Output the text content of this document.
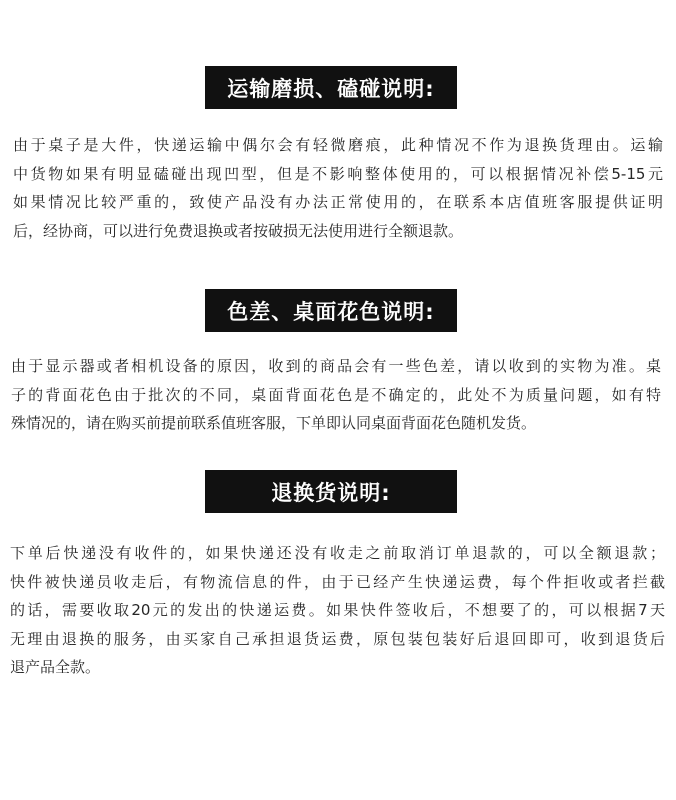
运输磨损、磕碰说明:
由于桌子是大件，快递运输中偶尔会有轻微磨痕，此种情况不作为退换货理由。运输
中货物如果有明显磕碰出现凹型，但是不影响整体使用的，可以根据情况补偿5-15元
如果情况比较严重的，致使产品没有办法正常使用的，在联系本店值班客服提供证明
后，经协商，可以进行免费退换或者按破损无法使用进行全额退款。
色差、桌面花色说明:
由于显示器或者相机设备的原因，收到的商品会有一些色差，请以收到的实物为准。桌
子的背面花色由于批次的不同，桌面背面花色是不确定的，此处不为质量问题，如有特
殊情况的，请在购买前提前联系值班客服，下单即认同桌面背面花色随机发货。
退换货说明:
下单后快递没有收件的，如果快递还没有收走之前取消订单退款的，可以全额退款；
快件被快递员收走后，有物流信息的件，由于已经产生快递运费，每个件拒收或者拦截
的话，需要收取20元的发出的快递运费。如果快件签收后，不想要了的，可以根据7天
无理由退换的服务，由买家自己承担退货运费，原包装包装好后退回即可，收到退货后
退产品全款。
